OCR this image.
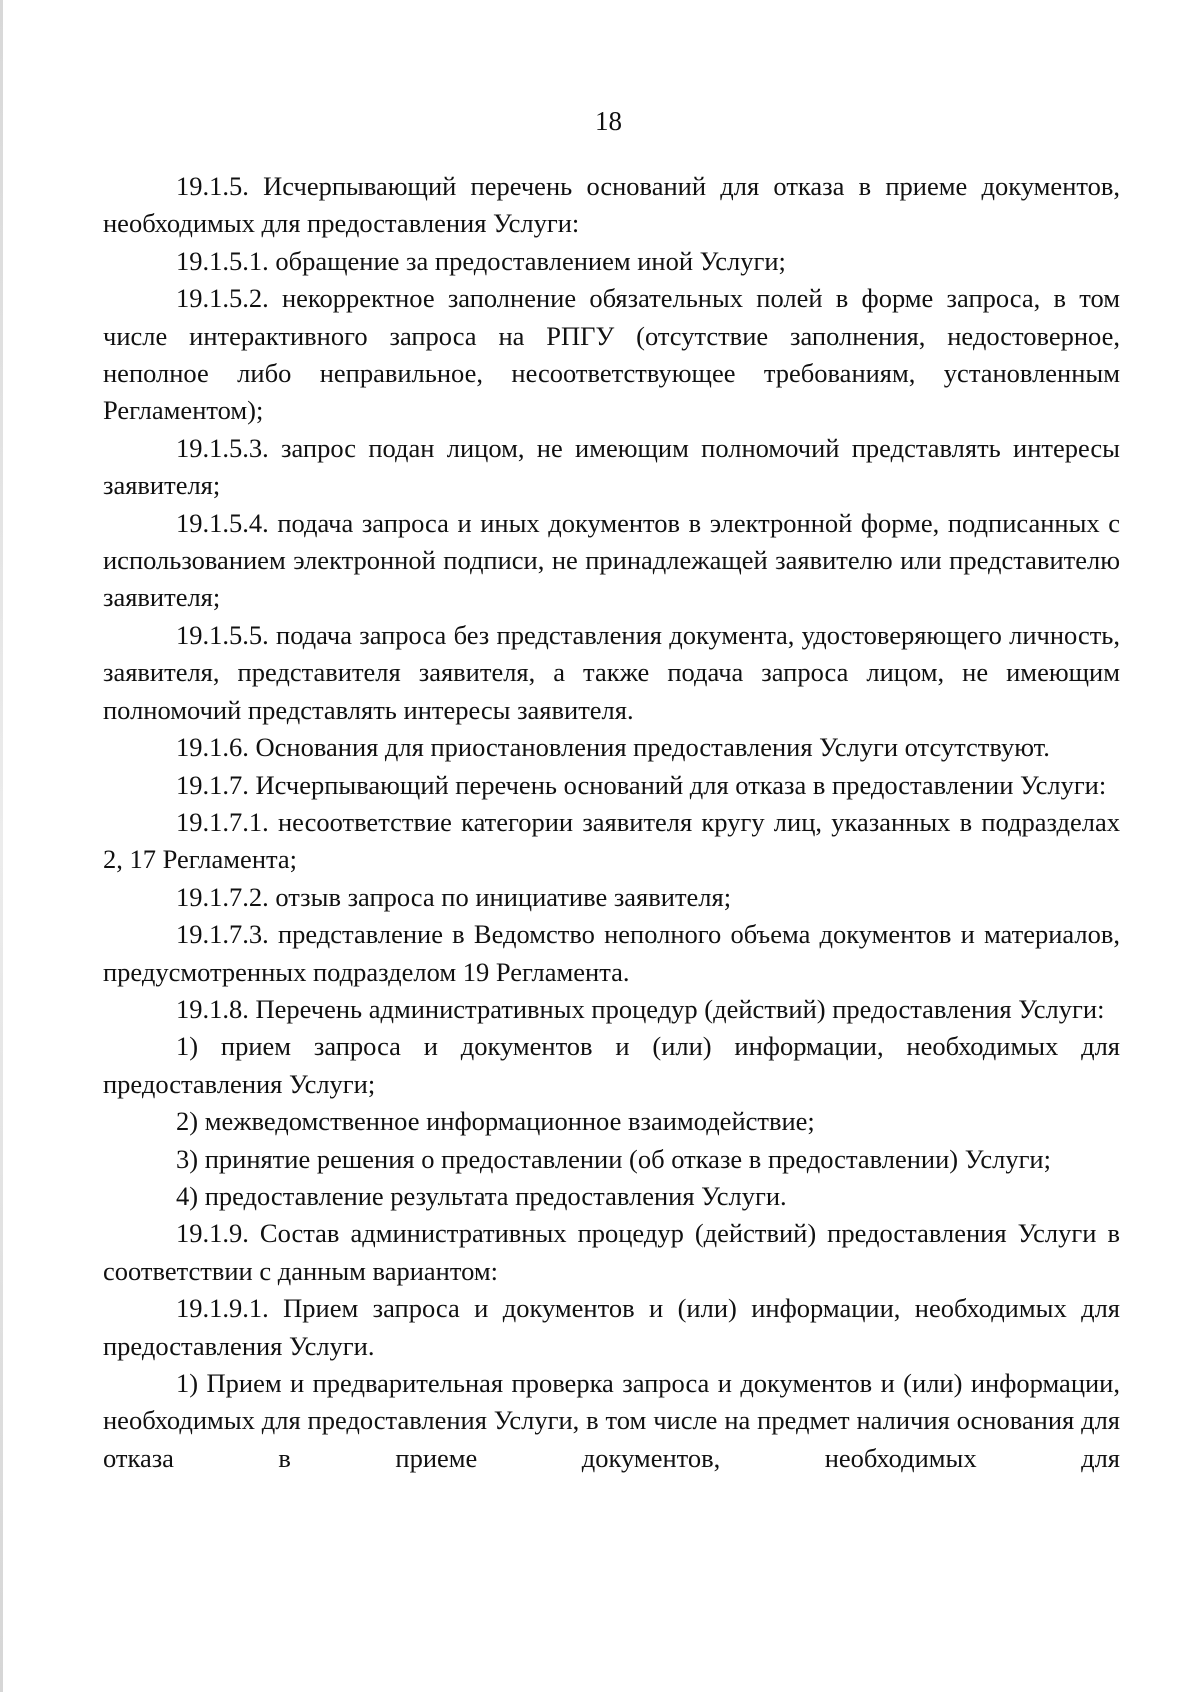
18

19.1.5. Исчерпывающий перечень оснований для отказа в приеме документов, необходимых для предоставления Услуги:

19.1.5.1. обращение за предоставлением иной Услуги;

19.1.5.2. некорректное заполнение обязательных полей в форме запроса, в том числе интерактивного запроса на РПГУ (отсутствие заполнения, недостоверное, неполное либо неправильное, несоответствующее требованиям, установленным Регламентом);

19.1.5.3. запрос подан лицом, не имеющим полномочий представлять интересы заявителя;

19.1.5.4. подача запроса и иных документов в электронной форме, подписанных с использованием электронной подписи, не принадлежащей заявителю или представителю заявителя;

19.1.5.5. подача запроса без представления документа, удостоверяющего личность, заявителя, представителя заявителя, а также подача запроса лицом, не имеющим полномочий представлять интересы заявителя.

19.1.6. Основания для приостановления предоставления Услуги отсутствуют.

19.1.7. Исчерпывающий перечень оснований для отказа в предоставлении Услуги:

19.1.7.1. несоответствие категории заявителя кругу лиц, указанных в подразделах 2, 17 Регламента;

19.1.7.2. отзыв запроса по инициативе заявителя;

19.1.7.3. представление в Ведомство неполного объема документов и материалов, предусмотренных подразделом 19 Регламента.

19.1.8. Перечень административных процедур (действий) предоставления Услуги:

1) прием запроса и документов и (или) информации, необходимых для предоставления Услуги;

2) межведомственное информационное взаимодействие;

3) принятие решения о предоставлении (об отказе в предоставлении) Услуги;

4) предоставление результата предоставления Услуги.

19.1.9. Состав административных процедур (действий) предоставления Услуги в соответствии с данным вариантом:

19.1.9.1. Прием запроса и документов и (или) информации, необходимых для предоставления Услуги.

1) Прием и предварительная проверка запроса и документов и (или) информации, необходимых для предоставления Услуги, в том числе на предмет наличия основания для отказа в приеме документов, необходимых для
